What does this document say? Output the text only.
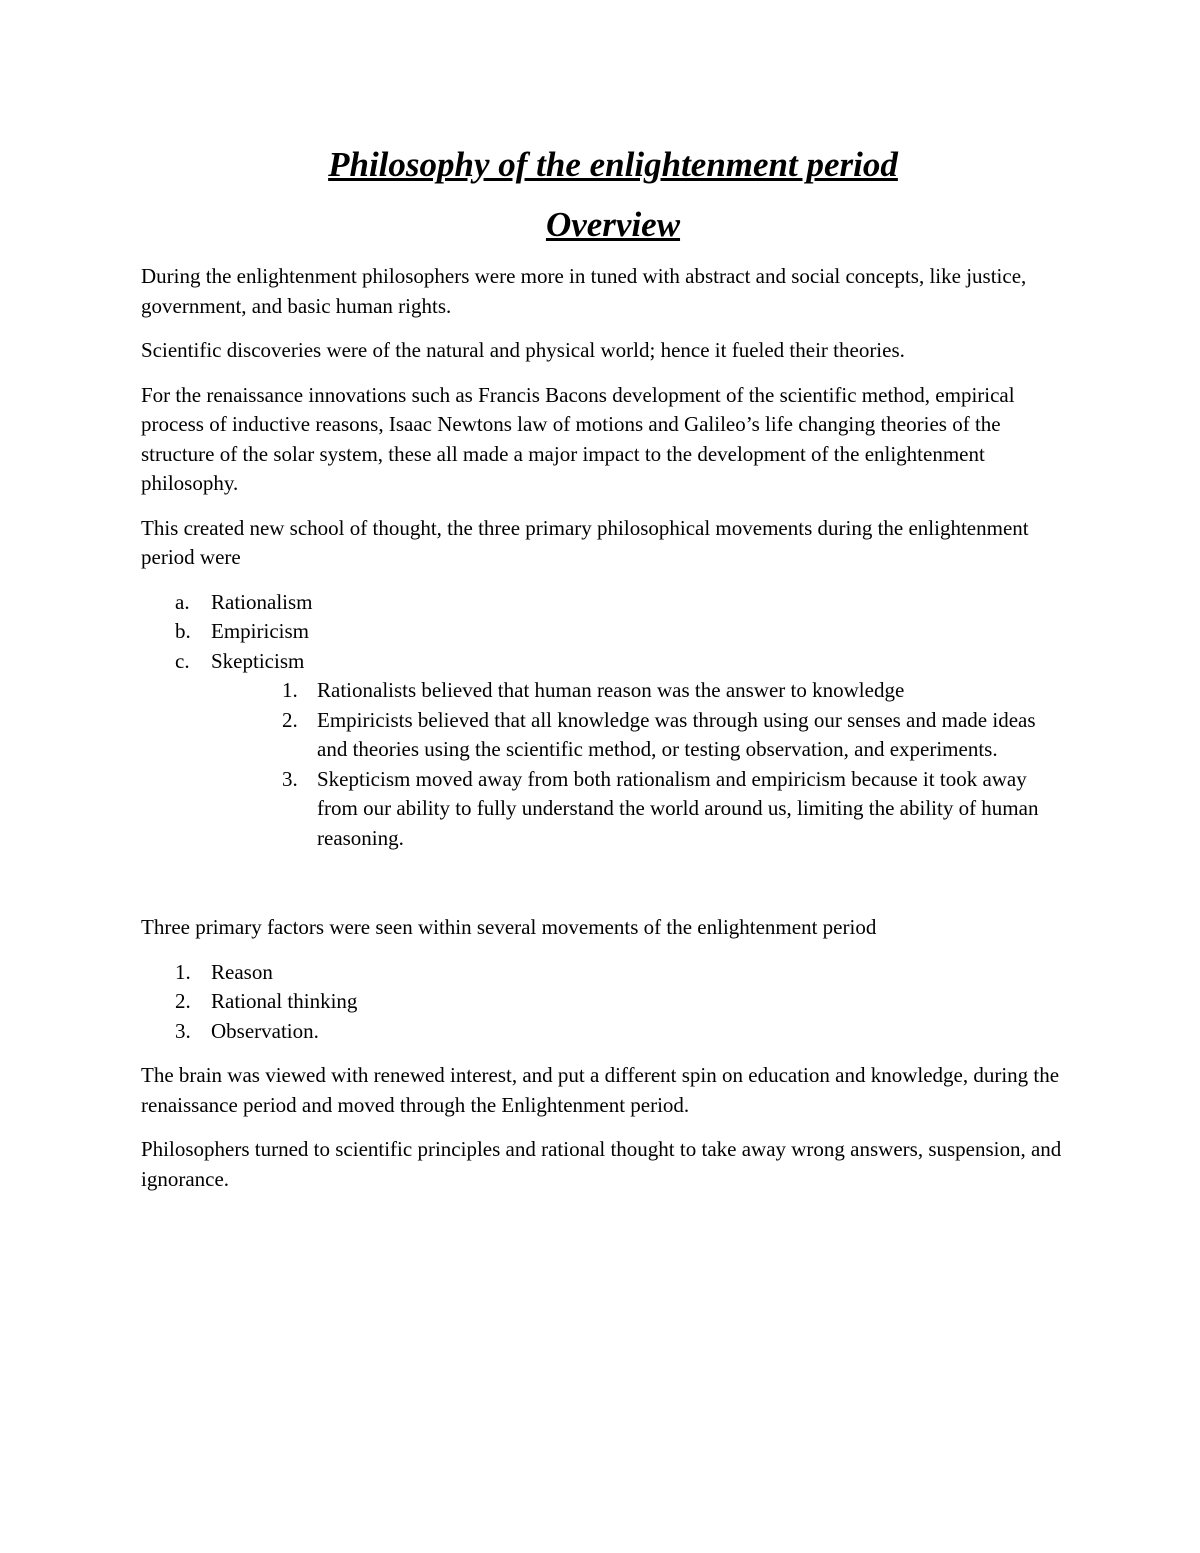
Philosophy of the enlightenment period
Overview

During the enlightenment philosophers were more in tuned with abstract and social concepts, like justice, government, and basic human rights.

Scientific discoveries were of the natural and physical world; hence it fueled their theories.

For the renaissance innovations such as Francis Bacons development of the scientific method, empirical process of inductive reasons, Isaac Newtons law of motions and Galileo’s life changing theories of the structure of the solar system, these all made a major impact to the development of the enlightenment philosophy.

This created new school of thought, the three primary philosophical movements during the enlightenment period were

a. Rationalism
b. Empiricism
c. Skepticism
1. Rationalists believed that human reason was the answer to knowledge
2. Empiricists believed that all knowledge was through using our senses and made ideas and theories using the scientific method, or testing observation, and experiments.
3. Skepticism moved away from both rationalism and empiricism because it took away from our ability to fully understand the world around us, limiting the ability of human reasoning.

Three primary factors were seen within several movements of the enlightenment period

1. Reason
2. Rational thinking
3. Observation.

The brain was viewed with renewed interest, and put a different spin on education and knowledge, during the renaissance period and moved through the Enlightenment period.

Philosophers turned to scientific principles and rational thought to take away wrong answers, suspension, and ignorance.
